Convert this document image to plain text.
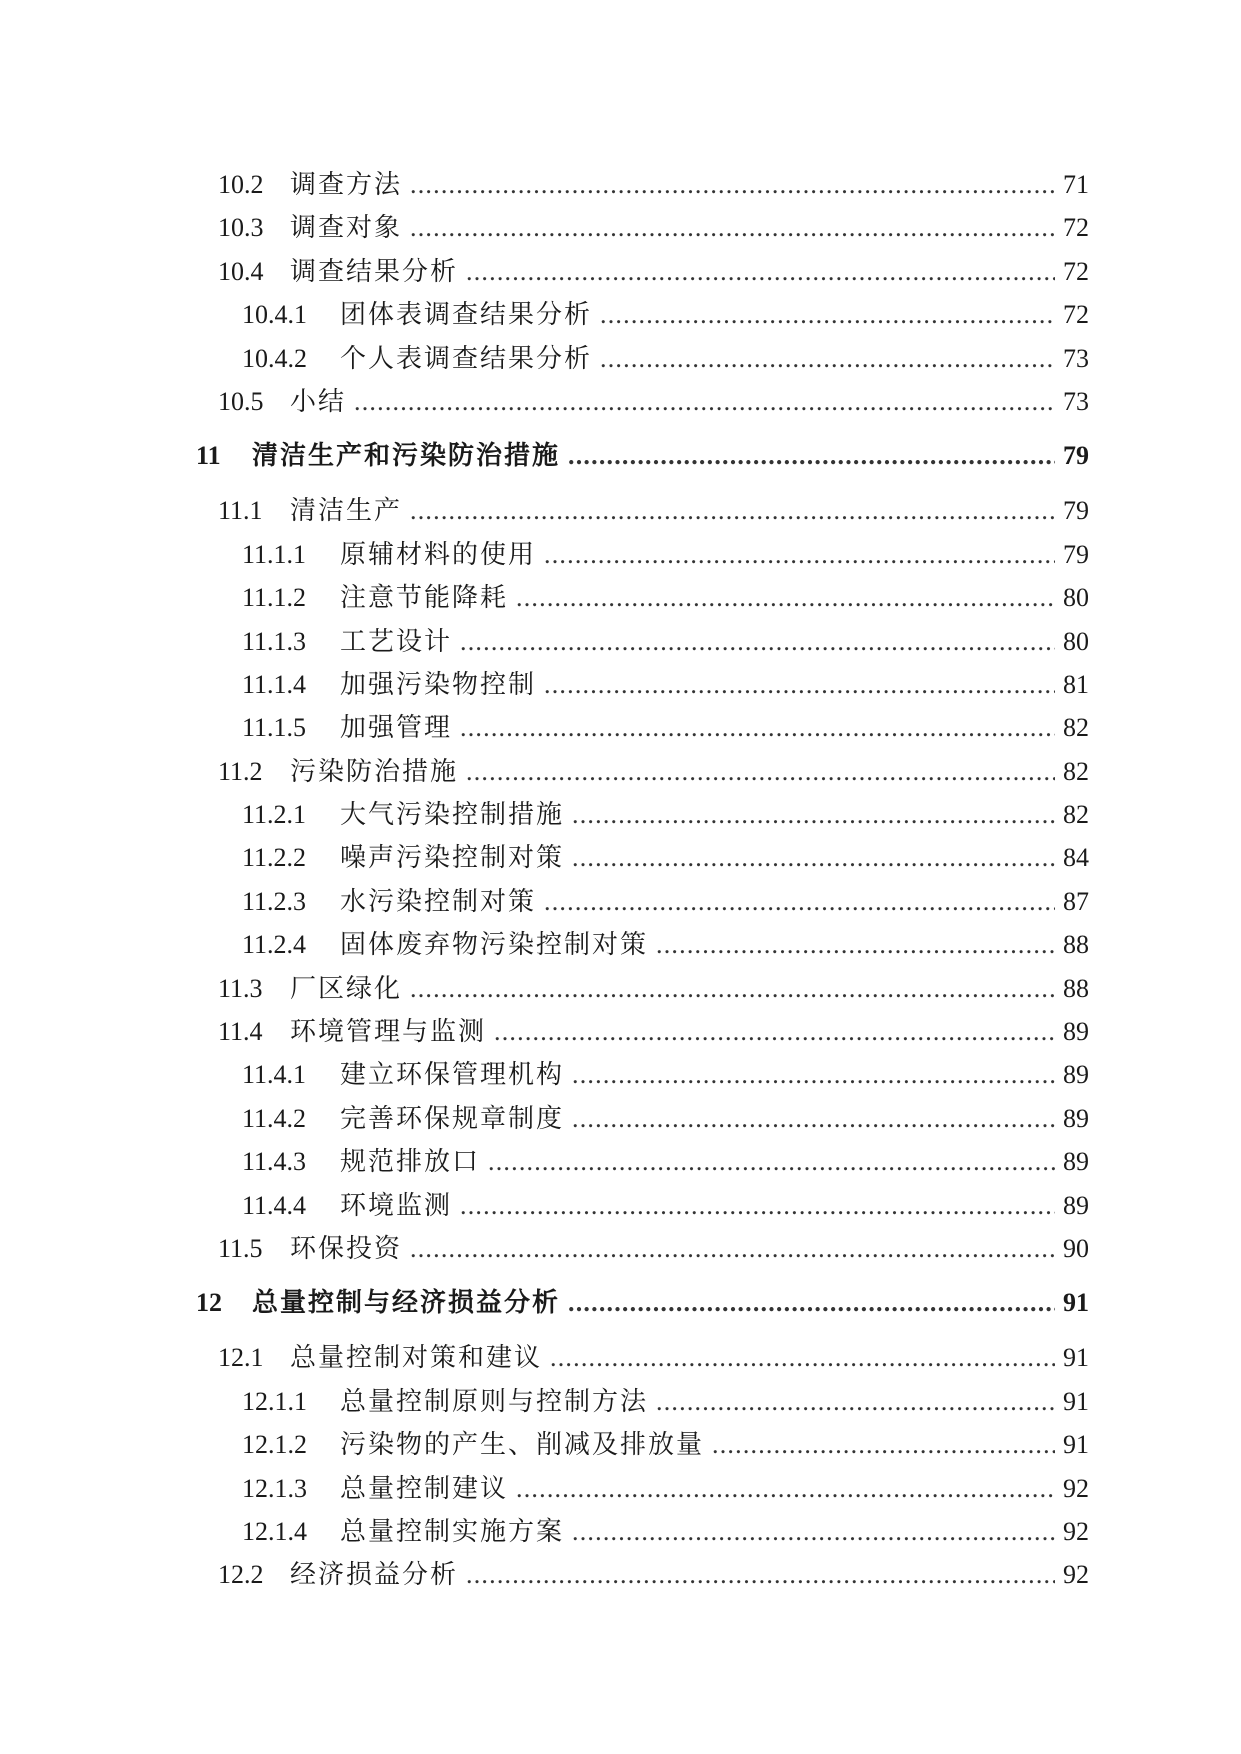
10.2	调查方法 .....	71
10.3	调查对象 .....	72
10.4	调查结果分析 .....	72
10.4.1	团体表调查结果分析 .....	72
10.4.2	个人表调查结果分析 .....	73
10.5	小结 .....	73
11	清洁生产和污染防治措施 .....	79
11.1	清洁生产 .....	79
11.1.1	原辅材料的使用 .....	79
11.1.2	注意节能降耗 .....	80
11.1.3	工艺设计 .....	80
11.1.4	加强污染物控制 .....	81
11.1.5	加强管理 .....	82
11.2	污染防治措施 .....	82
11.2.1	大气污染控制措施 .....	82
11.2.2	噪声污染控制对策 .....	84
11.2.3	水污染控制对策 .....	87
11.2.4	固体废弃物污染控制对策 .....	88
11.3	厂区绿化 .....	88
11.4	环境管理与监测 .....	89
11.4.1	建立环保管理机构 .....	89
11.4.2	完善环保规章制度 .....	89
11.4.3	规范排放口 .....	89
11.4.4	环境监测 .....	89
11.5	环保投资 .....	90
12	总量控制与经济损益分析 .....	91
12.1	总量控制对策和建议 .....	91
12.1.1	总量控制原则与控制方法 .....	91
12.1.2	污染物的产生、削减及排放量 .....	91
12.1.3	总量控制建议 .....	92
12.1.4	总量控制实施方案 .....	92
12.2	经济损益分析 .....	92
